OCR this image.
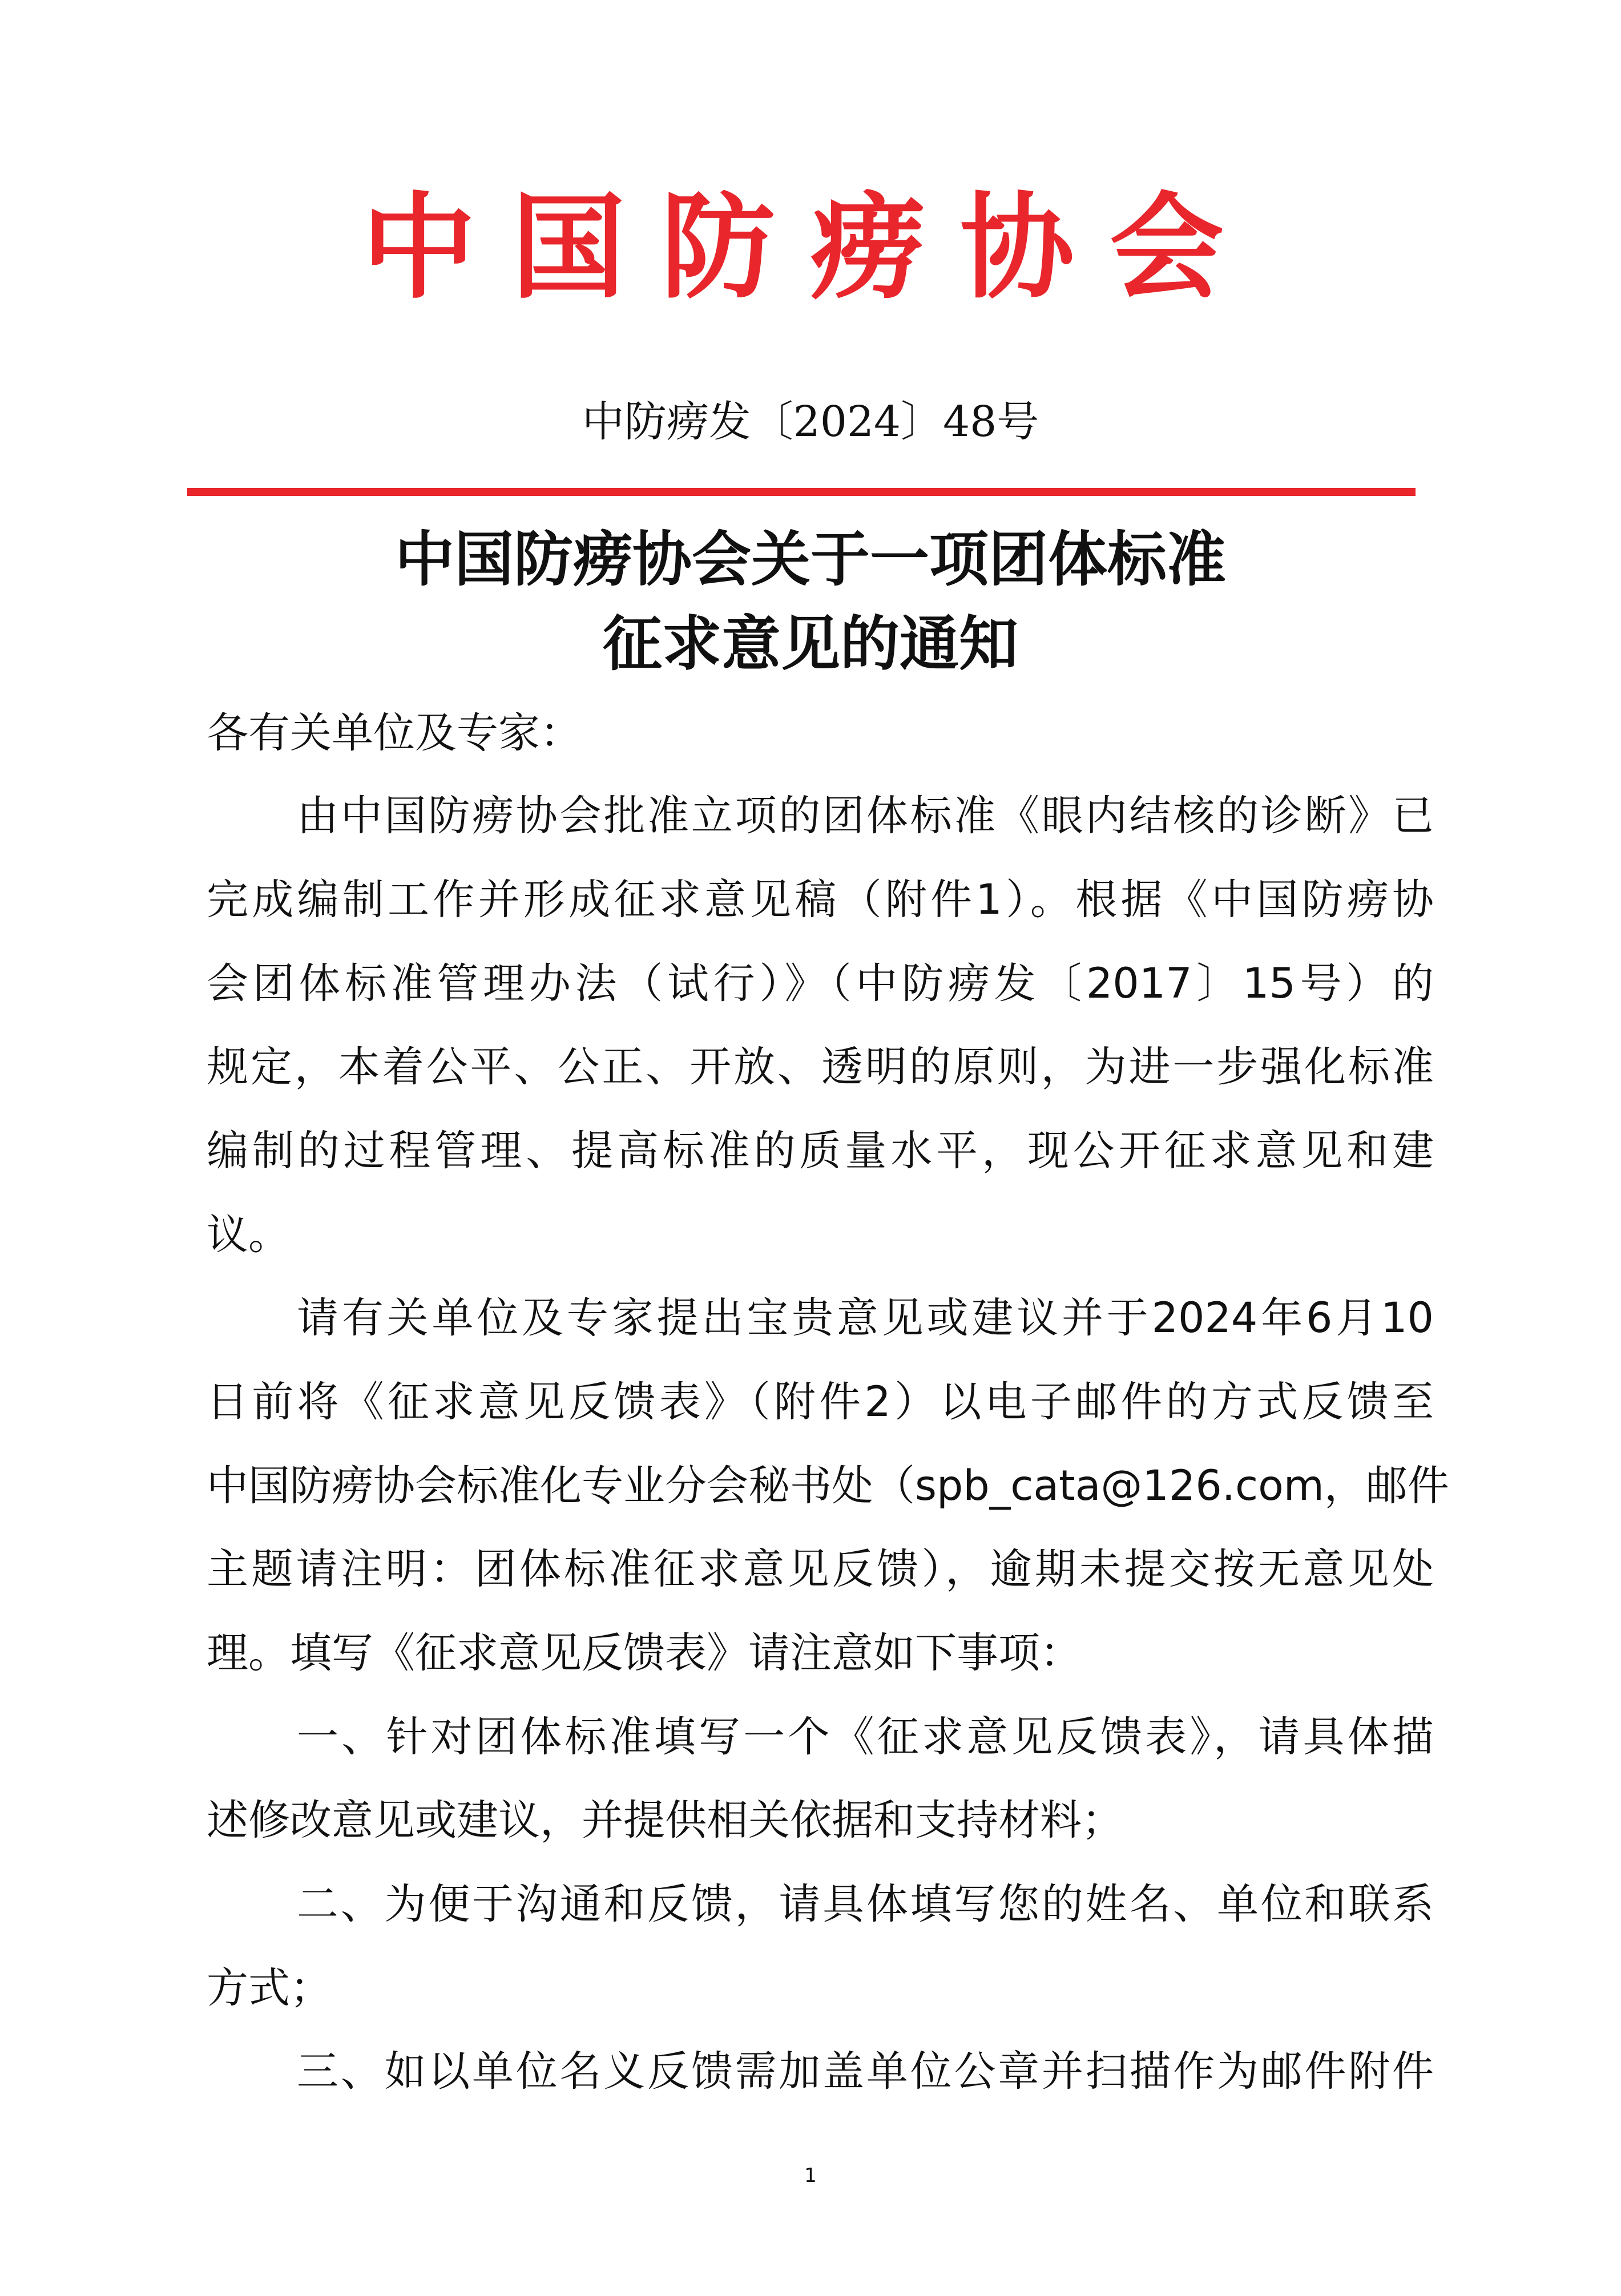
中国防痨协会
中防痨发〔2024〕48号
中国防痨协会关于一项团体标准
征求意见的通知
各有关单位及专家：
由中国防痨协会批准立项的团体标准《眼内结核的诊断》已
完成编制工作并形成征求意见稿（附件1）。根据《中国防痨协
会团体标准管理办法（试行）》（中防痨发〔2017〕15号）的
规定，本着公平、公正、开放、透明的原则，为进一步强化标准
编制的过程管理、提高标准的质量水平，现公开征求意见和建
议。
请有关单位及专家提出宝贵意见或建议并于2024年6月10
日前将《征求意见反馈表》（附件2）以电子邮件的方式反馈至
中国防痨协会标准化专业分会秘书处（spb_cata@126.com，邮件
主题请注明：团体标准征求意见反馈），逾期未提交按无意见处
理。填写《征求意见反馈表》请注意如下事项：
一、针对团体标准填写一个《征求意见反馈表》，请具体描
述修改意见或建议，并提供相关依据和支持材料；
二、为便于沟通和反馈，请具体填写您的姓名、单位和联系
方式；
三、如以单位名义反馈需加盖单位公章并扫描作为邮件附件
1
